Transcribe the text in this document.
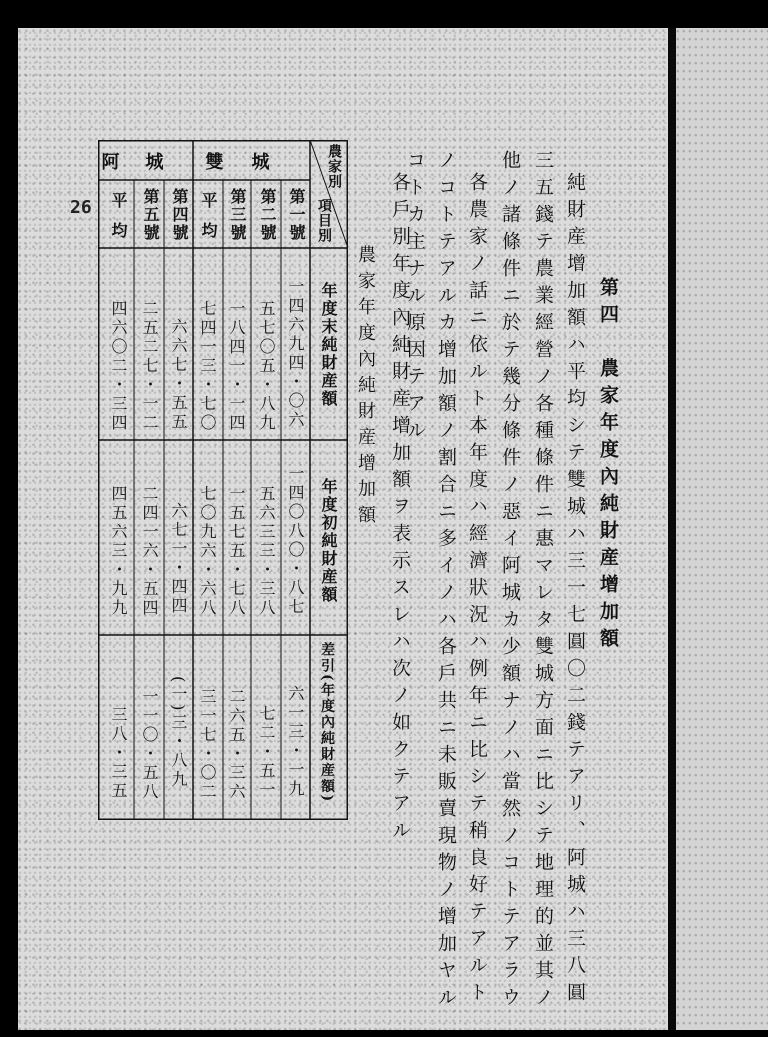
26
第四　農家年度內純財産增加額
純財産增加額ハ平均シテ雙城ハ三一七圓〇二錢テアリ、阿城ハ三八圓
三五錢テ農業經營ノ各種條件ニ惠マレタ雙城方面ニ比シテ地理的並其ノ
他ノ諸條件ニ於テ幾分條件ノ惡イ阿城カ少額ナノハ當然ノコトテアラウ
各農家ノ話ニ依ルト本年度ハ經濟狀況ハ例年ニ比シテ稍良好テアルト
ノコトテアルカ增加額ノ割合ニ多イノハ各戶共ニ未販賣現物ノ增加ヤル
コトカ主ナル原因テアル
各戶別年度內純財産增加額ヲ表示スレハ次ノ如クテアル
農家年度內純財産增加額
農家別
項目別
雙城
阿城
第一號
第二號
第三號
平均
第四號
第五號
平均
年度末純財産額
年度初純財産額
差引(年度內純財産額)
一四六九四・〇六
五七〇五・八九
一八四一・一四
七四一三・七〇
六六七・五五
二五二七・一二
四六〇二・三四
一四〇八〇・八七
五六三三・三八
一五七五・七八
七〇九六・六八
六七一・四四
二四一六・五四
四五六三・九九
六一三・一九
七二・五一
二六五・三六
三一七・〇二
(一)三・八九
一一〇・五八
三八・三五
